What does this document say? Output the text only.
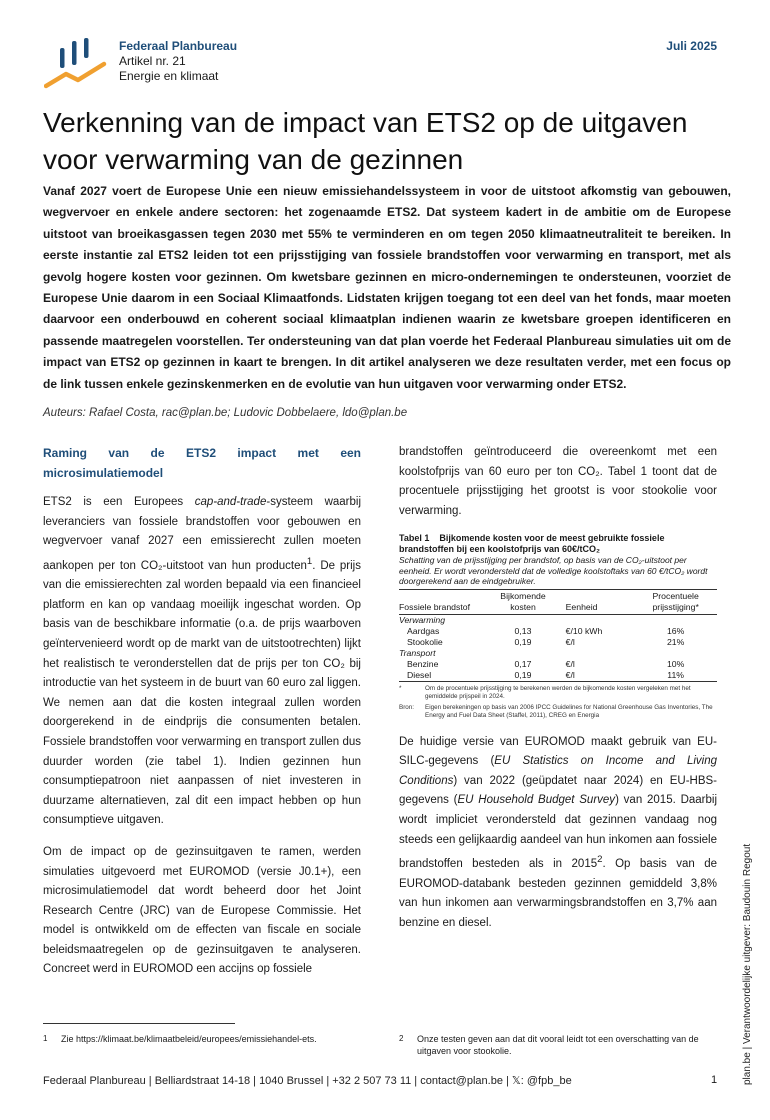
Federaal Planbureau
Artikel nr. 21
Energie en klimaat
Juli 2025
Verkenning van de impact van ETS2 op de uitgaven voor verwarming van de gezinnen

Vanaf 2027 voert de Europese Unie een nieuw emissiehandelssysteem in voor de uitstoot afkomstig van gebouwen, wegvervoer en enkele andere sectoren: het zogenaamde ETS2. Dat systeem kadert in de ambitie om de Europese uitstoot van broeikasgassen tegen 2030 met 55% te verminderen en om tegen 2050 klimaatneutraliteit te bereiken. In eerste instantie zal ETS2 leiden tot een prijsstijging van fossiele brandstoffen voor verwarming en transport, met als gevolg hogere kosten voor gezinnen. Om kwetsbare gezinnen en micro-ondernemingen te ondersteunen, voorziet de Europese Unie daarom in een Sociaal Klimaatfonds. Lidstaten krijgen toegang tot een deel van het fonds, maar moeten daarvoor een onderbouwd en coherent sociaal klimaatplan indienen waarin ze kwetsbare groepen identificeren en passende maatregelen voorstellen. Ter ondersteuning van dat plan voerde het Federaal Planbureau simulaties uit om de impact van ETS2 op gezinnen in kaart te brengen. In dit artikel analyseren we deze resultaten verder, met een focus op de link tussen enkele gezinskenmerken en de evolutie van hun uitgaven voor verwarming onder ETS2.

Auteurs: Rafael Costa, rac@plan.be; Ludovic Dobbelaere, ldo@plan.be

Raming van de ETS2 impact met een microsimulatiemodel

ETS2 is een Europees cap-and-trade-systeem waarbij leveranciers van fossiele brandstoffen voor gebouwen en wegvervoer vanaf 2027 een emissierecht zullen moeten aankopen per ton CO₂-uitstoot van hun producten$^1$. De prijs van die emissierechten zal worden bepaald via een financieel platform en kan op vandaag moeilijk ingeschat worden. Op basis van de beschikbare informatie (o.a. de prijs waarboven geïntervenieerd wordt op de markt van de uitstootrechten) lijkt het realistisch te veronderstellen dat de prijs per ton CO₂ bij introductie van het systeem in de buurt van 60 euro zal liggen. We nemen aan dat die kosten integraal zullen worden doorgerekend in de eindprijs die consumenten betalen. Fossiele brandstoffen voor verwarming en transport zullen dus duurder worden (zie tabel 1). Indien gezinnen hun consumptiepatroon niet aanpassen of niet investeren in duurzame alternatieven, zal dit een impact hebben op hun consumptieve uitgaven.

Om de impact op de gezinsuitgaven te ramen, werden simulaties uitgevoerd met EUROMOD (versie J0.1+), een microsimulatiemodel dat wordt beheerd door het Joint Research Centre (JRC) van de Europese Commissie. Het model is ontwikkeld om de effecten van fiscale en sociale beleidsmaatregelen op de gezinsuitgaven te analyseren. Concreet werd in EUROMOD een accijns op fossiele

brandstoffen geïntroduceerd die overeenkomt met een koolstofprijs van 60 euro per ton CO₂. Tabel 1 toont dat de procentuele prijsstijging het grootst is voor stookolie voor verwarming.

Tabel 1 Bijkomende kosten voor de meest gebruikte fossiele brandstoffen bij een koolstofprijs van 60€/tCO₂
Schatting van de prijsstijging per brandstof, op basis van de CO₂-uitstoot per eenheid. Er wordt verondersteld dat de volledige koolstoftaks van 60 €/tCO₂ wordt doorgerekend aan de eindgebruiker.
Fossiele brandstof	Bijkomende kosten	Eenheid	Procentuele prijsstijging*
Verwarming			
Aardgas	0,13	€/10 kWh	16%
Stookolie	0,19	€/l	21%
Transport			
Benzine	0,17	€/l	10%
Diesel	0,19	€/l	11%
*	Om de procentuele prijsstijging te berekenen werden de bijkomende kosten vergeleken met het gemiddelde prijspeil in 2024.
Bron:	Eigen berekeningen op basis van 2006 IPCC Guidelines for National Greenhouse Gas Inventories, The Energy and Fuel Data Sheet (Staffel, 2011), CREG en Energia

De huidige versie van EUROMOD maakt gebruik van EU-SILC-gegevens (EU Statistics on Income and Living Conditions) van 2022 (geüpdatet naar 2024) en EU-HBS-gegevens (EU Household Budget Survey) van 2015. Daarbij wordt impliciet verondersteld dat gezinnen vandaag nog steeds een gelijkaardig aandeel van hun inkomen aan fossiele brandstoffen besteden als in 2015$^2$. Op basis van de EUROMOD-databank besteden gezinnen gemiddeld 3,8% van hun inkomen aan verwarmingsbrandstoffen en 3,7% aan benzine en diesel.

1	Zie https://klimaat.be/klimaatbeleid/europees/emissiehandel-ets.	2	Onze testen geven aan dat dit vooral leidt tot een overschatting van de uitgaven voor stookolie.
Federaal Planbureau | Belliardstraat 14-18 | 1040 Brussel | +32 2 507 73 11 | contact@plan.be | 𝕏: @fpb_be	1 plan.be | Verantwoordelijke uitgever: Baudouin Regout
